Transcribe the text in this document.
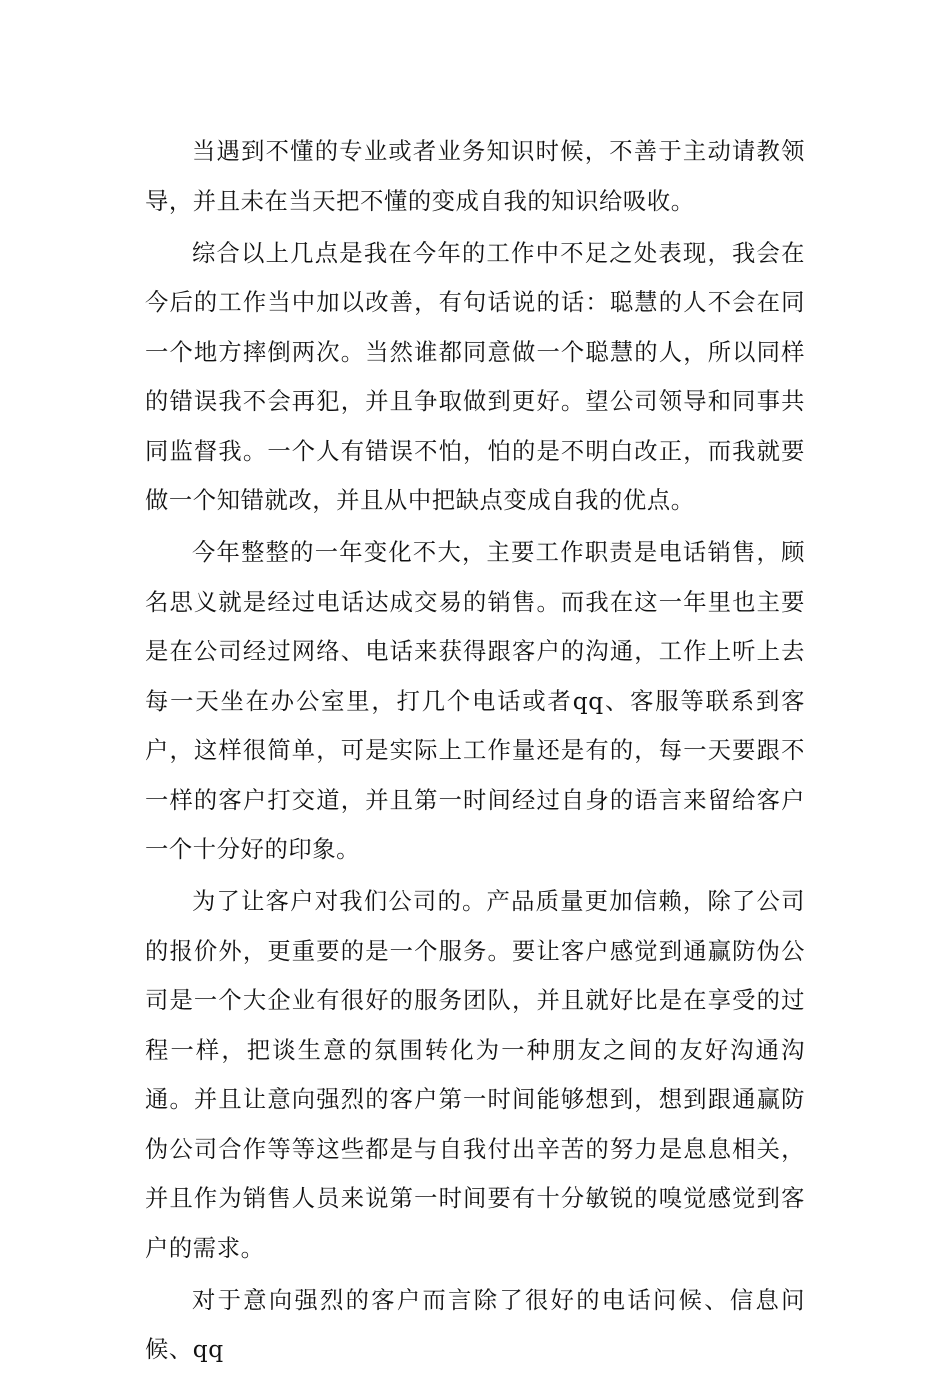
当遇到不懂的专业或者业务知识时候，不善于主动请教领导，并且未在当天把不懂的变成自我的知识给吸收。

综合以上几点是我在今年的工作中不足之处表现，我会在今后的工作当中加以改善，有句话说的话：聪慧的人不会在同一个地方摔倒两次。当然谁都同意做一个聪慧的人，所以同样的错误我不会再犯，并且争取做到更好。望公司领导和同事共同监督我。一个人有错误不怕，怕的是不明白改正，而我就要做一个知错就改，并且从中把缺点变成自我的优点。

今年整整的一年变化不大，主要工作职责是电话销售，顾名思义就是经过电话达成交易的销售。而我在这一年里也主要是在公司经过网络、电话来获得跟客户的沟通，工作上听上去每一天坐在办公室里，打几个电话或者qq、客服等联系到客户，这样很简单，可是实际上工作量还是有的，每一天要跟不一样的客户打交道，并且第一时间经过自身的语言来留给客户一个十分好的印象。

为了让客户对我们公司的。产品质量更加信赖，除了公司的报价外，更重要的是一个服务。要让客户感觉到通赢防伪公司是一个大企业有很好的服务团队，并且就好比是在享受的过程一样，把谈生意的氛围转化为一种朋友之间的友好沟通沟通。并且让意向强烈的客户第一时间能够想到，想到跟通赢防伪公司合作等等这些都是与自我付出辛苦的努力是息息相关，并且作为销售人员来说第一时间要有十分敏锐的嗅觉感觉到客户的需求。

对于意向强烈的客户而言除了很好的电话问候、信息问候、qq
